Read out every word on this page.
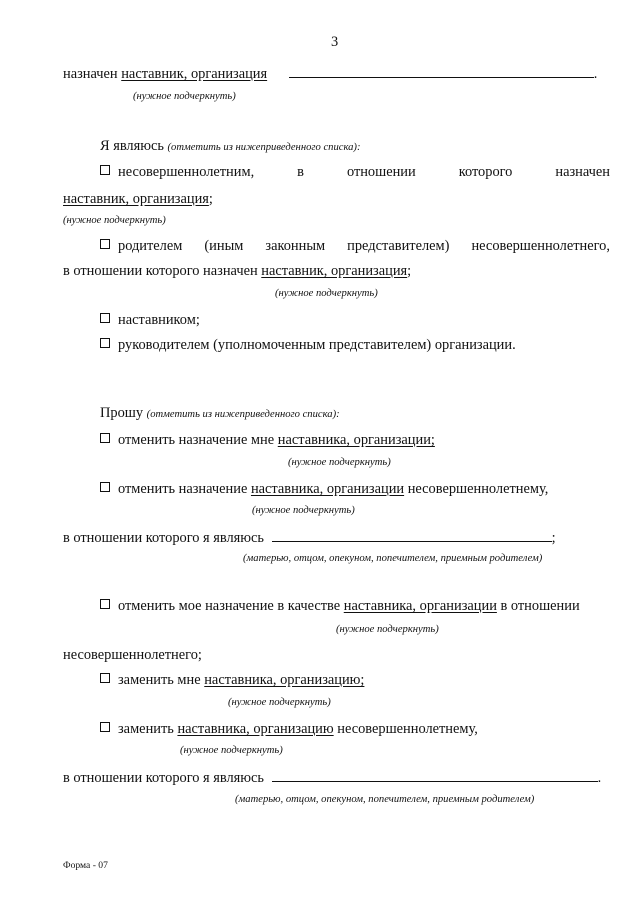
3
назначен наставник, организация	.
(нужное подчеркнуть)
Я являюсь (отметить из нижеприведенного списка):
несовершеннолетним,	в	отношении	которого	назначен
наставник, организация;
(нужное подчеркнуть)
родителем (иным законным представителем) несовершеннолетнего,
в отношении которого назначен наставник, организация;
(нужное подчеркнуть)
наставником;
руководителем (уполномоченным представителем) организации.
Прошу (отметить из нижеприведенного списка):
отменить назначение мне наставника, организации;
(нужное подчеркнуть)
отменить назначение наставника, организации несовершеннолетнему,
(нужное подчеркнуть)
в отношении которого я являюсь	;
(матерью, отцом, опекуном, попечителем, приемным родителем)
отменить мое назначение в качестве наставника, организации в отношении
(нужное подчеркнуть)
несовершеннолетнего;
заменить мне наставника, организацию;
(нужное подчеркнуть)
заменить наставника, организацию несовершеннолетнему,
(нужное подчеркнуть)
в отношении которого я являюсь	.
(матерью, отцом, опекуном, попечителем, приемным родителем)
Форма - 07
